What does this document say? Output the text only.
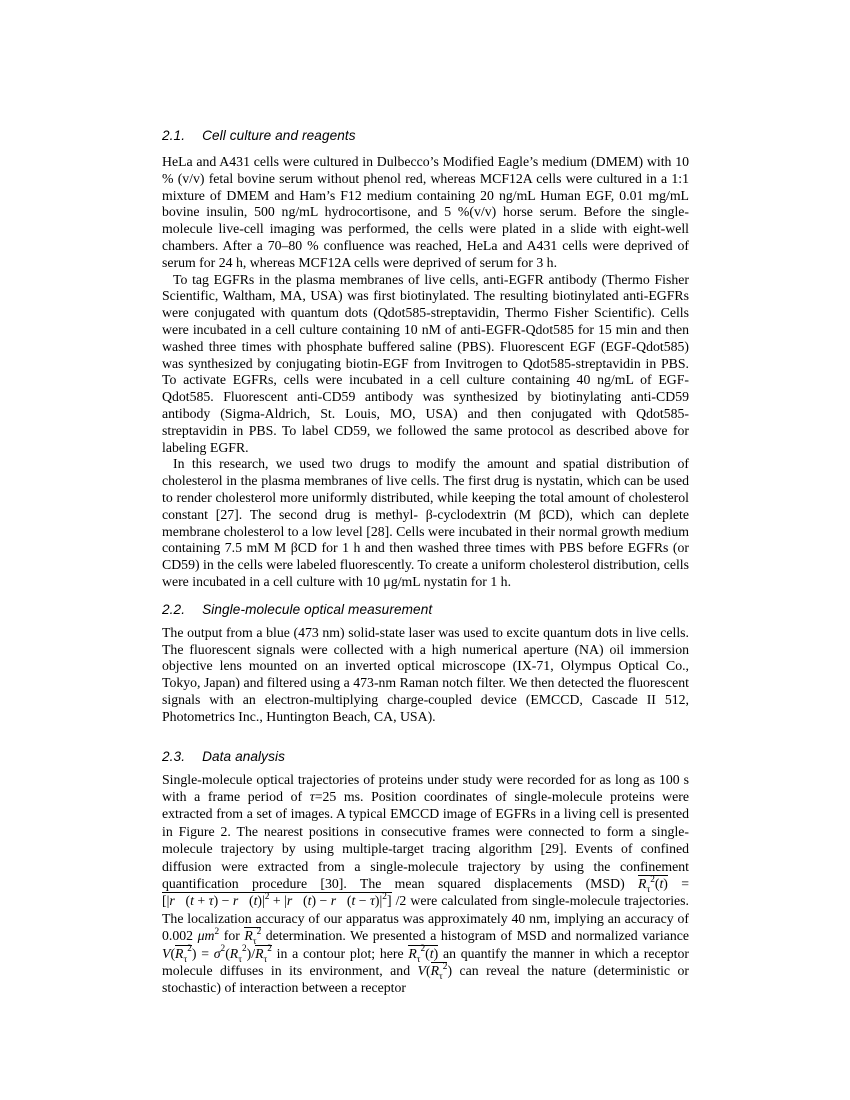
2.1. Cell culture and reagents

HeLa and A431 cells were cultured in Dulbecco’s Modified Eagle’s medium (DMEM) with 10 % (v/v) fetal bovine serum without phenol red, whereas MCF12A cells were cultured in a 1:1 mixture of DMEM and Ham’s F12 medium containing 20 ng/mL Human EGF, 0.01 mg/mL bovine insulin, 500 ng/mL hydrocortisone, and 5 %(v/v) horse serum. Before the single-molecule live-cell imaging was performed, the cells were plated in a slide with eight-well chambers. After a 70–80 % confluence was reached, HeLa and A431 cells were deprived of serum for 24 h, whereas MCF12A cells were deprived of serum for 3 h.

To tag EGFRs in the plasma membranes of live cells, anti-EGFR antibody (Thermo Fisher Scientific, Waltham, MA, USA) was first biotinylated. The resulting biotinylated anti-EGFRs were conjugated with quantum dots (Qdot585-streptavidin, Thermo Fisher Scientific). Cells were incubated in a cell culture containing 10 nM of anti-EGFR-Qdot585 for 15 min and then washed three times with phosphate buffered saline (PBS). Fluorescent EGF (EGF-Qdot585) was synthesized by conjugating biotin-EGF from Invitrogen to Qdot585-streptavidin in PBS. To activate EGFRs, cells were incubated in a cell culture containing 40 ng/mL of EGF-Qdot585. Fluorescent anti-CD59 antibody was synthesized by biotinylating anti-CD59 antibody (Sigma-Aldrich, St. Louis, MO, USA) and then conjugated with Qdot585-streptavidin in PBS. To label CD59, we followed the same protocol as described above for labeling EGFR.

In this research, we used two drugs to modify the amount and spatial distribution of cholesterol in the plasma membranes of live cells. The first drug is nystatin, which can be used to render cholesterol more uniformly distributed, while keeping the total amount of cholesterol constant [27]. The second drug is methyl- β-cyclodextrin (M βCD), which can deplete membrane cholesterol to a low level [28]. Cells were incubated in their normal growth medium containing 7.5 mM M βCD for 1 h and then washed three times with PBS before EGFRs (or CD59) in the cells were labeled fluorescently. To create a uniform cholesterol distribution, cells were incubated in a cell culture with 10 μg/mL nystatin for 1 h.

2.2. Single-molecule optical measurement

The output from a blue (473 nm) solid-state laser was used to excite quantum dots in live cells. The fluorescent signals were collected with a high numerical aperture (NA) oil immersion objective lens mounted on an inverted optical microscope (IX-71, Olympus Optical Co., Tokyo, Japan) and filtered using a 473-nm Raman notch filter. We then detected the fluorescent signals with an electron-multiplying charge-coupled device (EMCCD, Cascade II 512, Photometrics Inc., Huntington Beach, CA, USA).

2.3. Data analysis

Single-molecule optical trajectories of proteins under study were recorded for as long as 100 s with a frame period of τ=25 ms. Position coordinates of single-molecule proteins were extracted from a set of images. A typical EMCCD image of EGFRs in a living cell is presented in Figure 2. The nearest positions in consecutive frames were connected to form a single-molecule trajectory by using multiple-target tracing algorithm [29]. Events of confined diffusion were extracted from a single-molecule trajectory by using the confinement quantification procedure [30]. The mean squared displacements (MSD) $R_\tau^2(t)$ = [|r⃗(t + $\tau) - r⃗(t)|^2$ + |r⃗(t) − r⃗(t − $\tau)|^2$] /2 were calculated from single-molecule trajectories. The localization accuracy of our apparatus was approximately 40 nm, implying an accuracy of 0.002 $\mu m^2$ for $R_\tau^2$ determination. We presented a histogram of MSD and normalized variance $V(R_\tau^2) = \sigma^2(R_\tau^2)/R_\tau^2$ in a contour plot; here $R_\tau^2(t)$ an quantify the manner in which a receptor molecule diffuses in its environment, and $V(R_\tau^2)$ can reveal the nature (deterministic or stochastic) of interaction between a receptor
